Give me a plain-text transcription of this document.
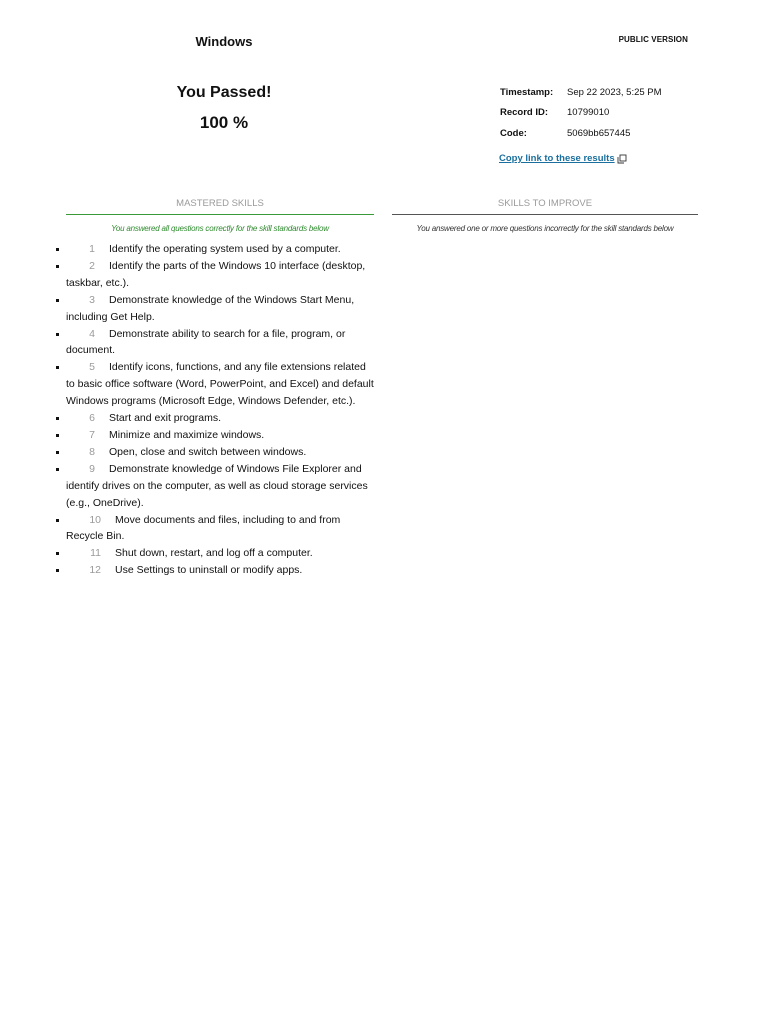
Windows	PUBLIC VERSION
You Passed!
100 %
Timestamp:	Sep 22 2023, 5:25 PM
Record ID:	10799010
Code:	5069bb657445
Copy link to these results
MASTERED SKILLS	SKILLS TO IMPROVE
You answered all questions correctly for the skill standards below	You answered one or more questions incorrectly for the skill standards below
1 Identify the operating system used by a computer.
2 Identify the parts of the Windows 10 interface (desktop, taskbar, etc.).
3 Demonstrate knowledge of the Windows Start Menu, including Get Help.
4 Demonstrate ability to search for a file, program, or document.
5 Identify icons, functions, and any file extensions related to basic office software (Word, PowerPoint, and Excel) and default Windows programs (Microsoft Edge, Windows Defender, etc.).
6 Start and exit programs.
7 Minimize and maximize windows.
8 Open, close and switch between windows.
9 Demonstrate knowledge of Windows File Explorer and identify drives on the computer, as well as cloud storage services (e.g., OneDrive).
10 Move documents and files, including to and from Recycle Bin.
11 Shut down, restart, and log off a computer.
12 Use Settings to uninstall or modify apps.
